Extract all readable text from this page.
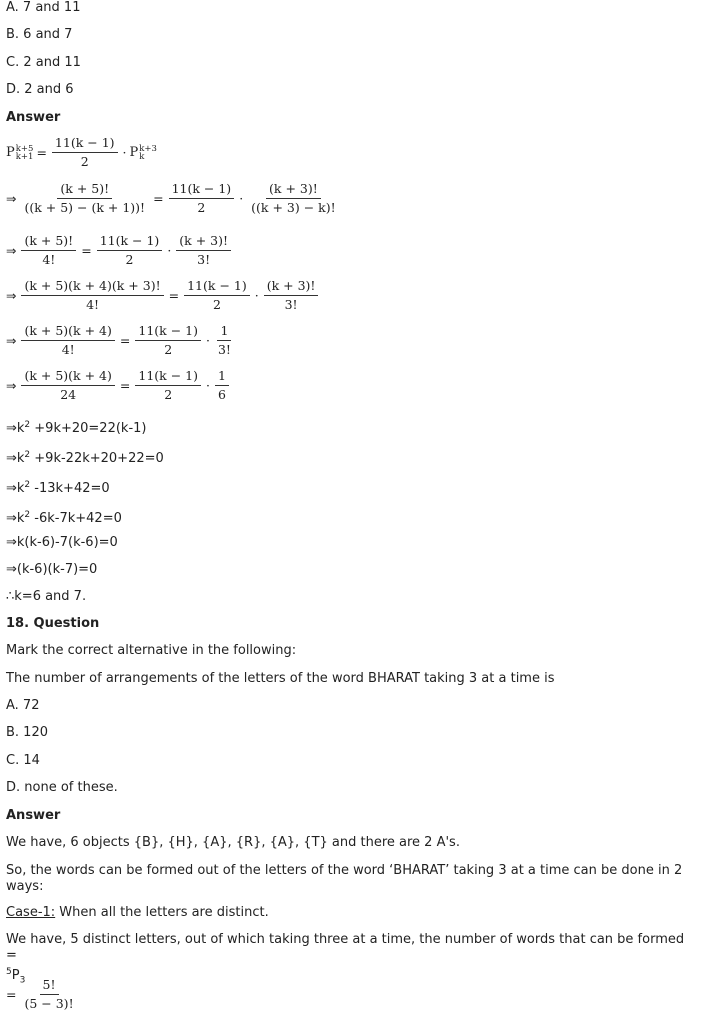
A. 7 and 11
B. 6 and 7
C. 2 and 11
D. 2 and 6
Answer
P k+5
$k+1 = \frac{11(k - 1)}{2} \cdot P$ k+3
k
⇒ $\frac{(k + 5)!}{((k + 5) - (k + 1))!} = \frac{11(k - 1)}{2} \cdot \frac{(k + 3)!}{((k + 3) - k)!}$
⇒ $\frac{(k + 5)!}{4!} = \frac{11(k - 1)}{2} \cdot \frac{(k + 3)!}{3!}$
⇒ $\frac{(k + 5)(k + 4)(k + 3)!}{4!} = \frac{11(k - 1)}{2} \cdot \frac{(k + 3)!}{3!}$
⇒ $\frac{(k + 5)(k + 4)}{4!} = \frac{11(k - 1)}{2} \cdot \frac{1}{3!}$
⇒ $\frac{(k + 5)(k + 4)}{24} = \frac{11(k - 1)}{2} \cdot \frac{1}{6}$
$\Rightarrow k^2 +9k+20=22(k-1)$
$\Rightarrow k^2 +9k-22k+20+22=0$
$\Rightarrow k^2$ -13k+42=0
$\Rightarrow k^2$ -6k-7k+42=0
⇒k(k-6)-7(k-6)=0
⇒(k-6)(k-7)=0
∴k=6 and 7.
18. Question
Mark the correct alternative in the following:
The number of arrangements of the letters of the word BHARAT taking 3 at a time is
A. 72
B. 120
C. 14
D. none of these.
Answer
We have, 6 objects {B}, {H}, {A}, {R}, {A}, {T} and there are 2 A's.
So, the words can be formed out of the letters of the word ‘BHARAT’ taking 3 at a time can be done in 2 ways:
Case-1: When all the letters are distinct.
We have, 5 distinct letters, out of which taking three at a time, the number of words that can be formed =
$^5P_3$
= $\frac{5!}{(5 - 3)!}$
